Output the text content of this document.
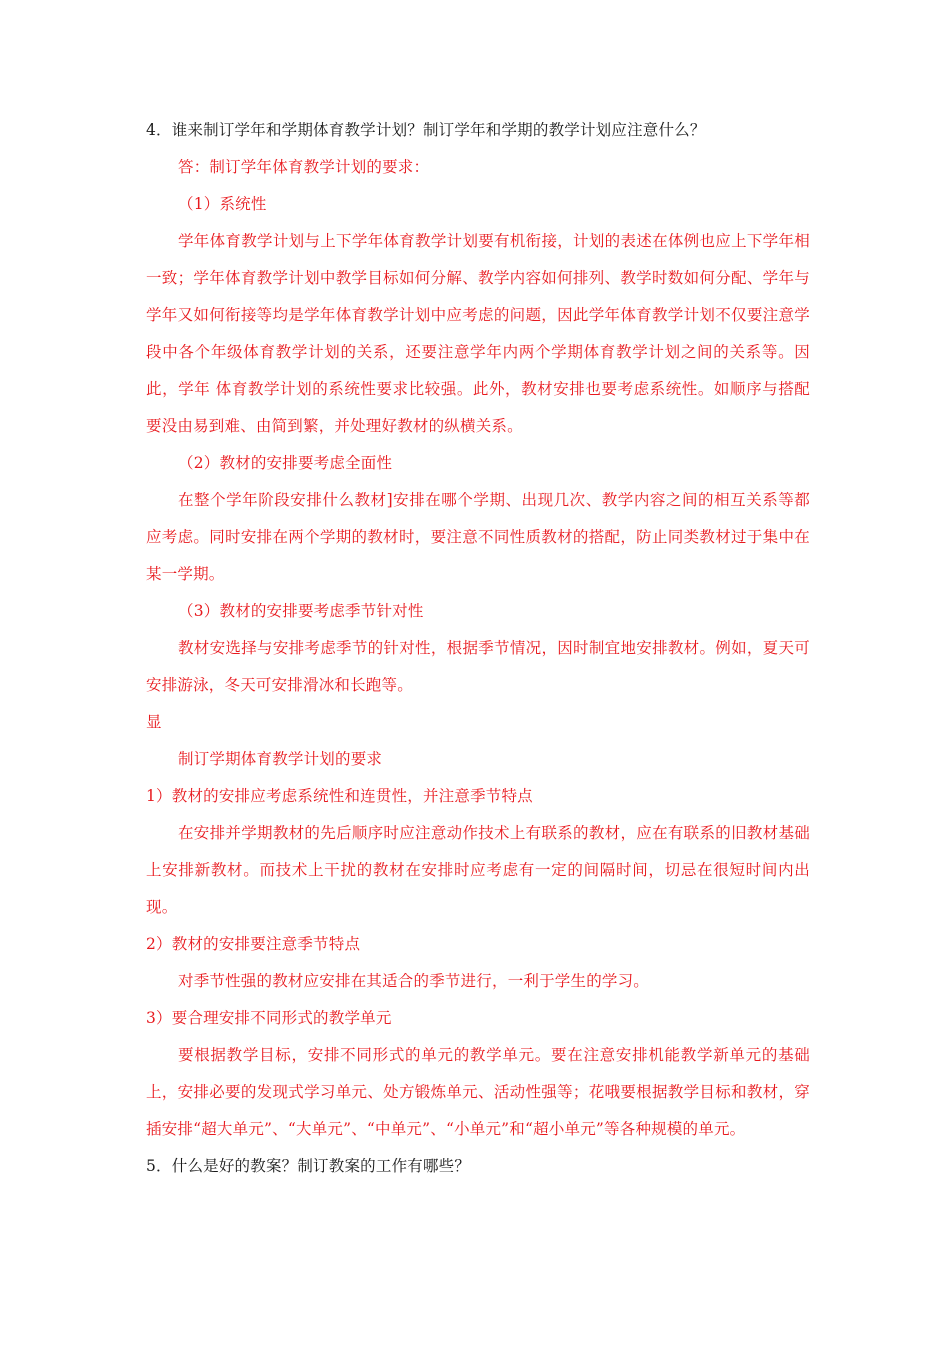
4．谁来制订学年和学期体育教学计划？制订学年和学期的教学计划应注意什么？

答：制订学年体育教学计划的要求：

（1）系统性

学年体育教学计划与上下学年体育教学计划要有机衔接，计划的表述在体例也应上下学年相一致；学年体育教学计划中教学目标如何分解、教学内容如何排列、教学时数如何分配、学年与学年又如何衔接等均是学年体育教学计划中应考虑的问题，因此学年体育教学计划不仅要注意学段中各个年级体育教学计划的关系，还要注意学年内两个学期体育教学计划之间的关系等。因此，学年 体育教学计划的系统性要求比较强。此外，教材安排也要考虑系统性。如顺序与搭配要没由易到难、由简到繁，并处理好教材的纵横关系。

（2）教材的安排要考虑全面性

在整个学年阶段安排什么教材]安排在哪个学期、出现几次、教学内容之间的相互关系等都应考虑。同时安排在两个学期的教材时，要注意不同性质教材的搭配，防止同类教材过于集中在某一学期。

（3）教材的安排要考虑季节针对性

教材安选择与安排考虑季节的针对性，根据季节情况，因时制宜地安排教材。例如，夏天可安排游泳，冬天可安排滑冰和长跑等。

显

制订学期体育教学计划的要求

1）教材的安排应考虑系统性和连贯性，并注意季节特点

在安排并学期教材的先后顺序时应注意动作技术上有联系的教材，应在有联系的旧教材基础上安排新教材。而技术上干扰的教材在安排时应考虑有一定的间隔时间，切忌在很短时间内出现。

2）教材的安排要注意季节特点

对季节性强的教材应安排在其适合的季节进行，一利于学生的学习。

3）要合理安排不同形式的教学单元

要根据教学目标，安排不同形式的单元的教学单元。要在注意安排机能教学新单元的基础上，安排必要的发现式学习单元、处方锻炼单元、活动性强等；花哦要根据教学目标和教材，穿插安排“超大单元”、“大单元”、“中单元”、“小单元”和“超小单元”等各种规模的单元。

5．什么是好的教案？制订教案的工作有哪些？
